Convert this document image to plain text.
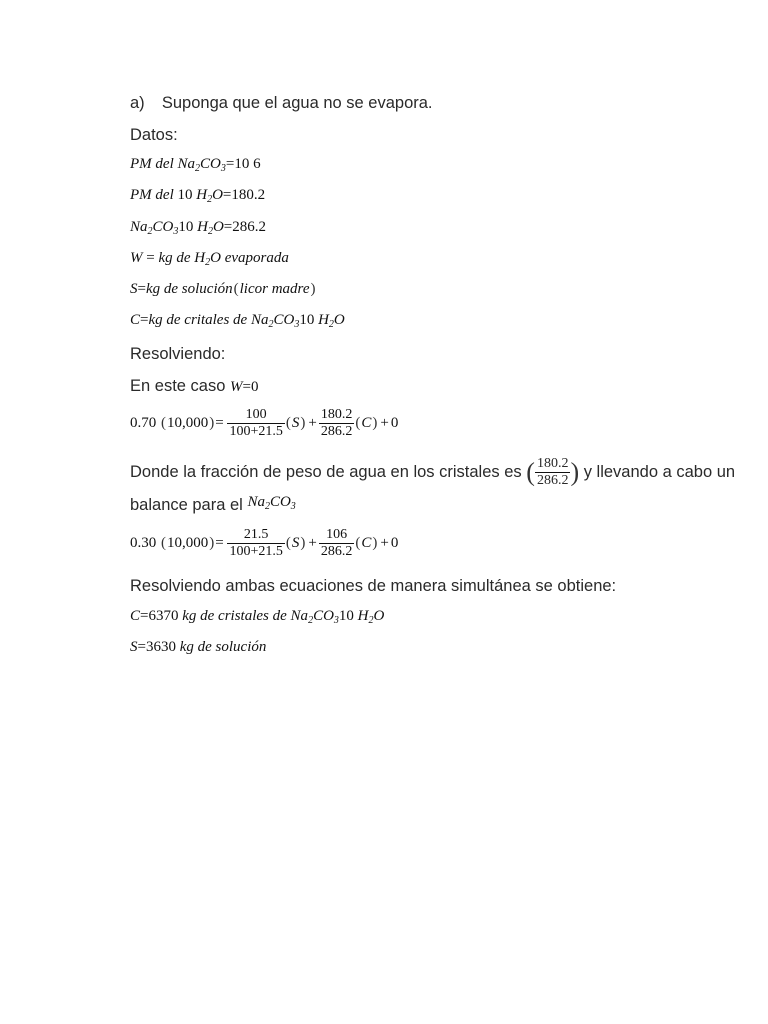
a) Suponga que el agua no se evapora.
Datos:
PM del $Na_2CO_3=10$ 6
PM del 10 $H_2O=180.2$
$Na_2CO_310$ $H_2O=286.2$
W = kg de $H_2O$ evaporada
S=kg de solución(licor madre)
C=kg de critales de $Na_2CO_310$ $H_2O$
Resolviendo:
En este caso W=0
0.70 $(10,000)= \frac{100}{100+21.5} (S) + \frac{180.2}{286.2} (C) + 0$
Donde la fracción de peso de agua en los cristales es ( $\frac{180.2}{286.2}$ ) y llevando a cabo un
balance para el $Na_2CO_3$
0.30 $(10,000)= \frac{21.5}{100+21.5} (S) + \frac{106}{286.2} (C) + 0$
Resolviendo ambas ecuaciones de manera simultánea se obtiene:
C=6370 kg de cristales de $Na_2CO_310$ $H_2O$
S=3630 kg de solución
